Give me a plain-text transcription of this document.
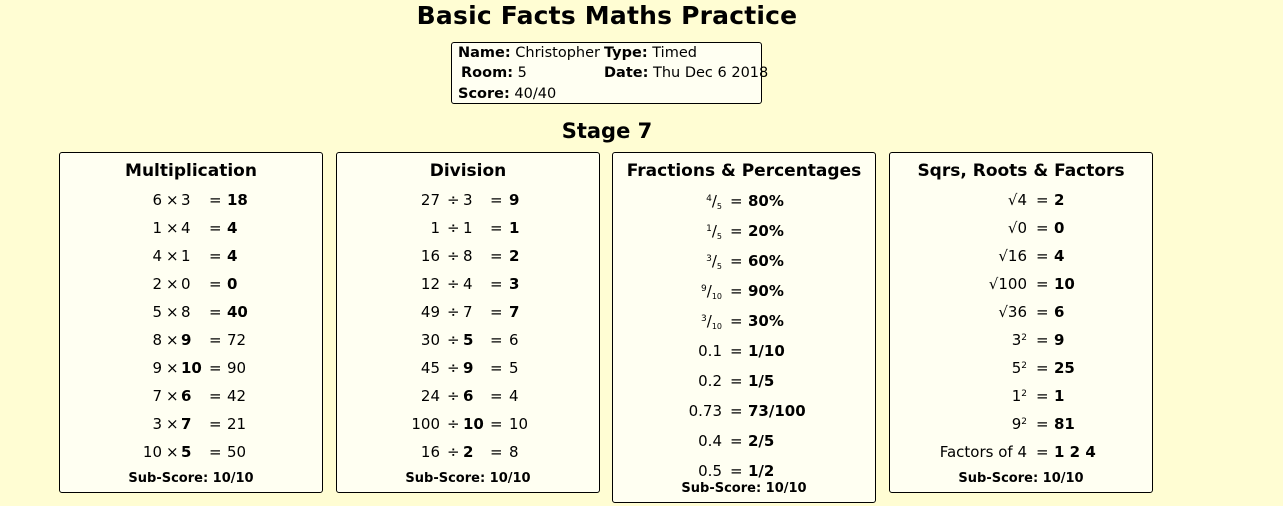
Basic Facts Maths Practice
Name: Christopher Type: Timed
Room: 5	Date: Thu Dec 6 2018
Score: 40/40
Stage 7
Multiplication
6 × 3 = 18
1 × 4 = 4
4 × 1 = 4
2 × 0 = 0
5 × 8 = 40
8 × 9 = 72
9 × 10 = 90
7 × 6 = 42
3 × 7 = 21
10 × 5 = 50
Sub-Score: 10/10
Division
27 ÷ 3 = 9
1 ÷ 1 = 1
16 ÷ 8 = 2
12 ÷ 4 = 3
49 ÷ 7 = 7
30 ÷ 5 = 6
45 ÷ 9 = 5
24 ÷ 6 = 4
100 ÷ 10 = 10
16 ÷ 2 = 8
Sub-Score: 10/10
Fractions & Percentages
$^4/_5 = 80\%$
$^1/_5 = 20\%$
$^3/_5 = 60\%$
$^9/_{10} = 90\%$
$^3/_{10} = 30\%$
0.1 = 1/10
0.2 = 1/5
0.73 = 73/100
0.4 = 2/5
0.5 = 1/2
Sub-Score: 10/10
Sqrs, Roots & Factors
√4 = 2
√0 = 0
√16 = 4
√100 = 10
√36 = 6
$3^2 = 9$
$5^2 = 25$
$1^2 = 1$
$9^2 = 81$
Factors of 4 = 1 2 4
Sub-Score: 10/10
